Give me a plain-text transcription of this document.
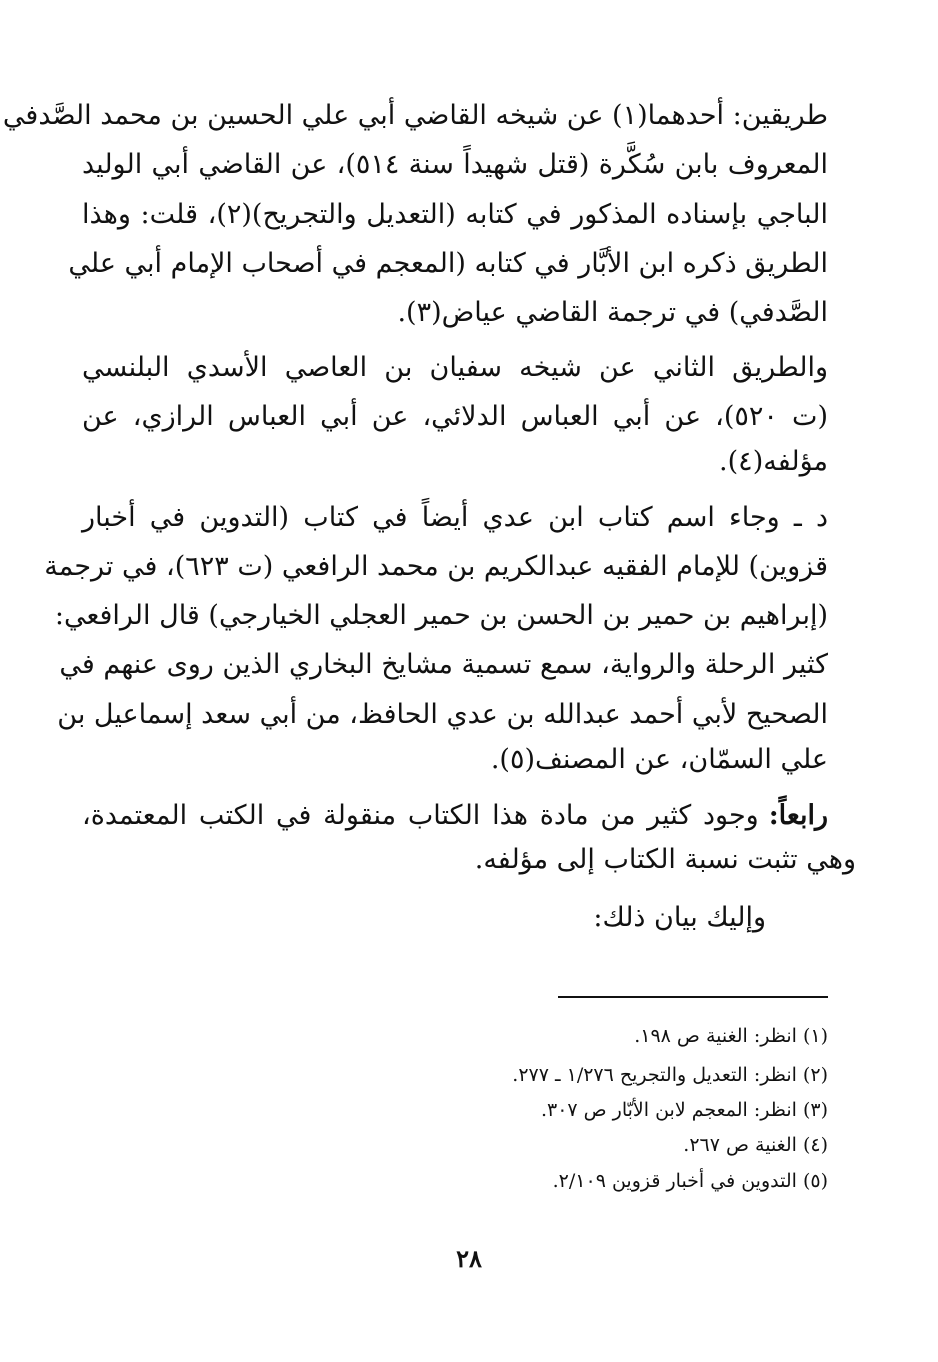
طريقين: أحدهما(١) عن شيخه القاضي أبي علي الحسين بن محمد الصَّدفي
المعروف بابن سُكَّرة (قتل شهيداً سنة ٥١٤)، عن القاضي أبي الوليد
الباجي بإسناده المذكور في كتابه (التعديل والتجريح)(٢)، قلت: وهذا
الطريق ذكره ابن الأبَّار في كتابه (المعجم في أصحاب الإمام أبي علي
الصَّدفي) في ترجمة القاضي عياض(٣).
والطريق الثاني عن شيخه سفيان بن العاصي الأسدي البلنسي
(ت ٥٢٠)، عن أبي العباس الدلائي، عن أبي العباس الرازي، عن
مؤلفه(٤).
د ـ وجاء اسم كتاب ابن عدي أيضاً في كتاب (التدوين في أخبار
قزوين) للإمام الفقيه عبدالكريم بن محمد الرافعي (ت ٦٢٣)، في ترجمة
(إبراهيم بن حمير بن الحسن بن حمير العجلي الخيارجي) قال الرافعي:
كثير الرحلة والرواية، سمع تسمية مشايخ البخاري الذين روى عنهم في
الصحيح لأبي أحمد عبدالله بن عدي الحافظ، من أبي سعد إسماعيل بن
علي السمّان، عن المصنف(٥).
رابعاً:
وجود كثير من مادة هذا الكتاب منقولة في الكتب المعتمدة،
وهي تثبت نسبة الكتاب إلى مؤلفه.
وإليك بيان ذلك:
(١) انظر: الغنية ص ١٩٨.
(٢) انظر: التعديل والتجريح ١/٢٧٦ ـ ٢٧٧.
(٣) انظر: المعجم لابن الأبّار ص ٣٠٧.
(٤) الغنية ص ٢٦٧.
(٥) التدوين في أخبار قزوين ٢/١٠٩.
٢٨
